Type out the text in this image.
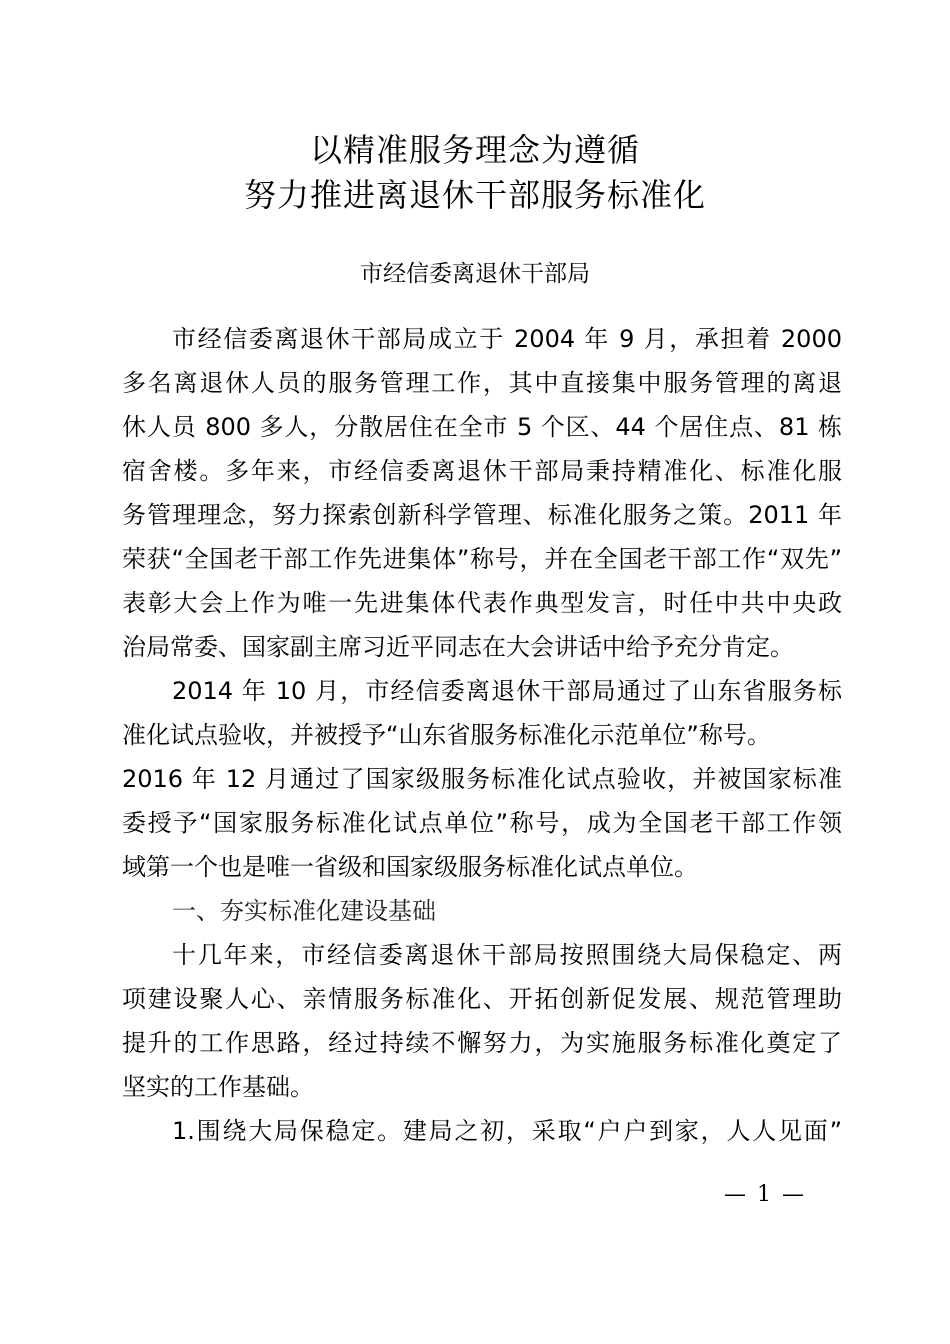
以精准服务理念为遵循
努力推进离退休干部服务标准化
市经信委离退休干部局
市经信委离退休干部局成立于 2004 年 9 月，承担着 2000
多名离退休人员的服务管理工作，其中直接集中服务管理的离退
休人员 800 多人，分散居住在全市 5 个区、44 个居住点、81 栋
宿舍楼。多年来，市经信委离退休干部局秉持精准化、标准化服
务管理理念，努力探索创新科学管理、标准化服务之策。2011 年
荣获“全国老干部工作先进集体”称号，并在全国老干部工作“双先”
表彰大会上作为唯一先进集体代表作典型发言，时任中共中央政
治局常委、国家副主席习近平同志在大会讲话中给予充分肯定。
2014 年 10 月，市经信委离退休干部局通过了山东省服务标
准化试点验收，并被授予“山东省服务标准化示范单位”称号。
2016 年 12 月通过了国家级服务标准化试点验收，并被国家标准
委授予“国家服务标准化试点单位”称号，成为全国老干部工作领
域第一个也是唯一省级和国家级服务标准化试点单位。
一、夯实标准化建设基础
十几年来，市经信委离退休干部局按照围绕大局保稳定、两
项建设聚人心、亲情服务标准化、开拓创新促发展、规范管理助
提升的工作思路，经过持续不懈努力，为实施服务标准化奠定了
坚实的工作基础。
1.围绕大局保稳定。建局之初，采取“户户到家，人人见面”
— 1 —
